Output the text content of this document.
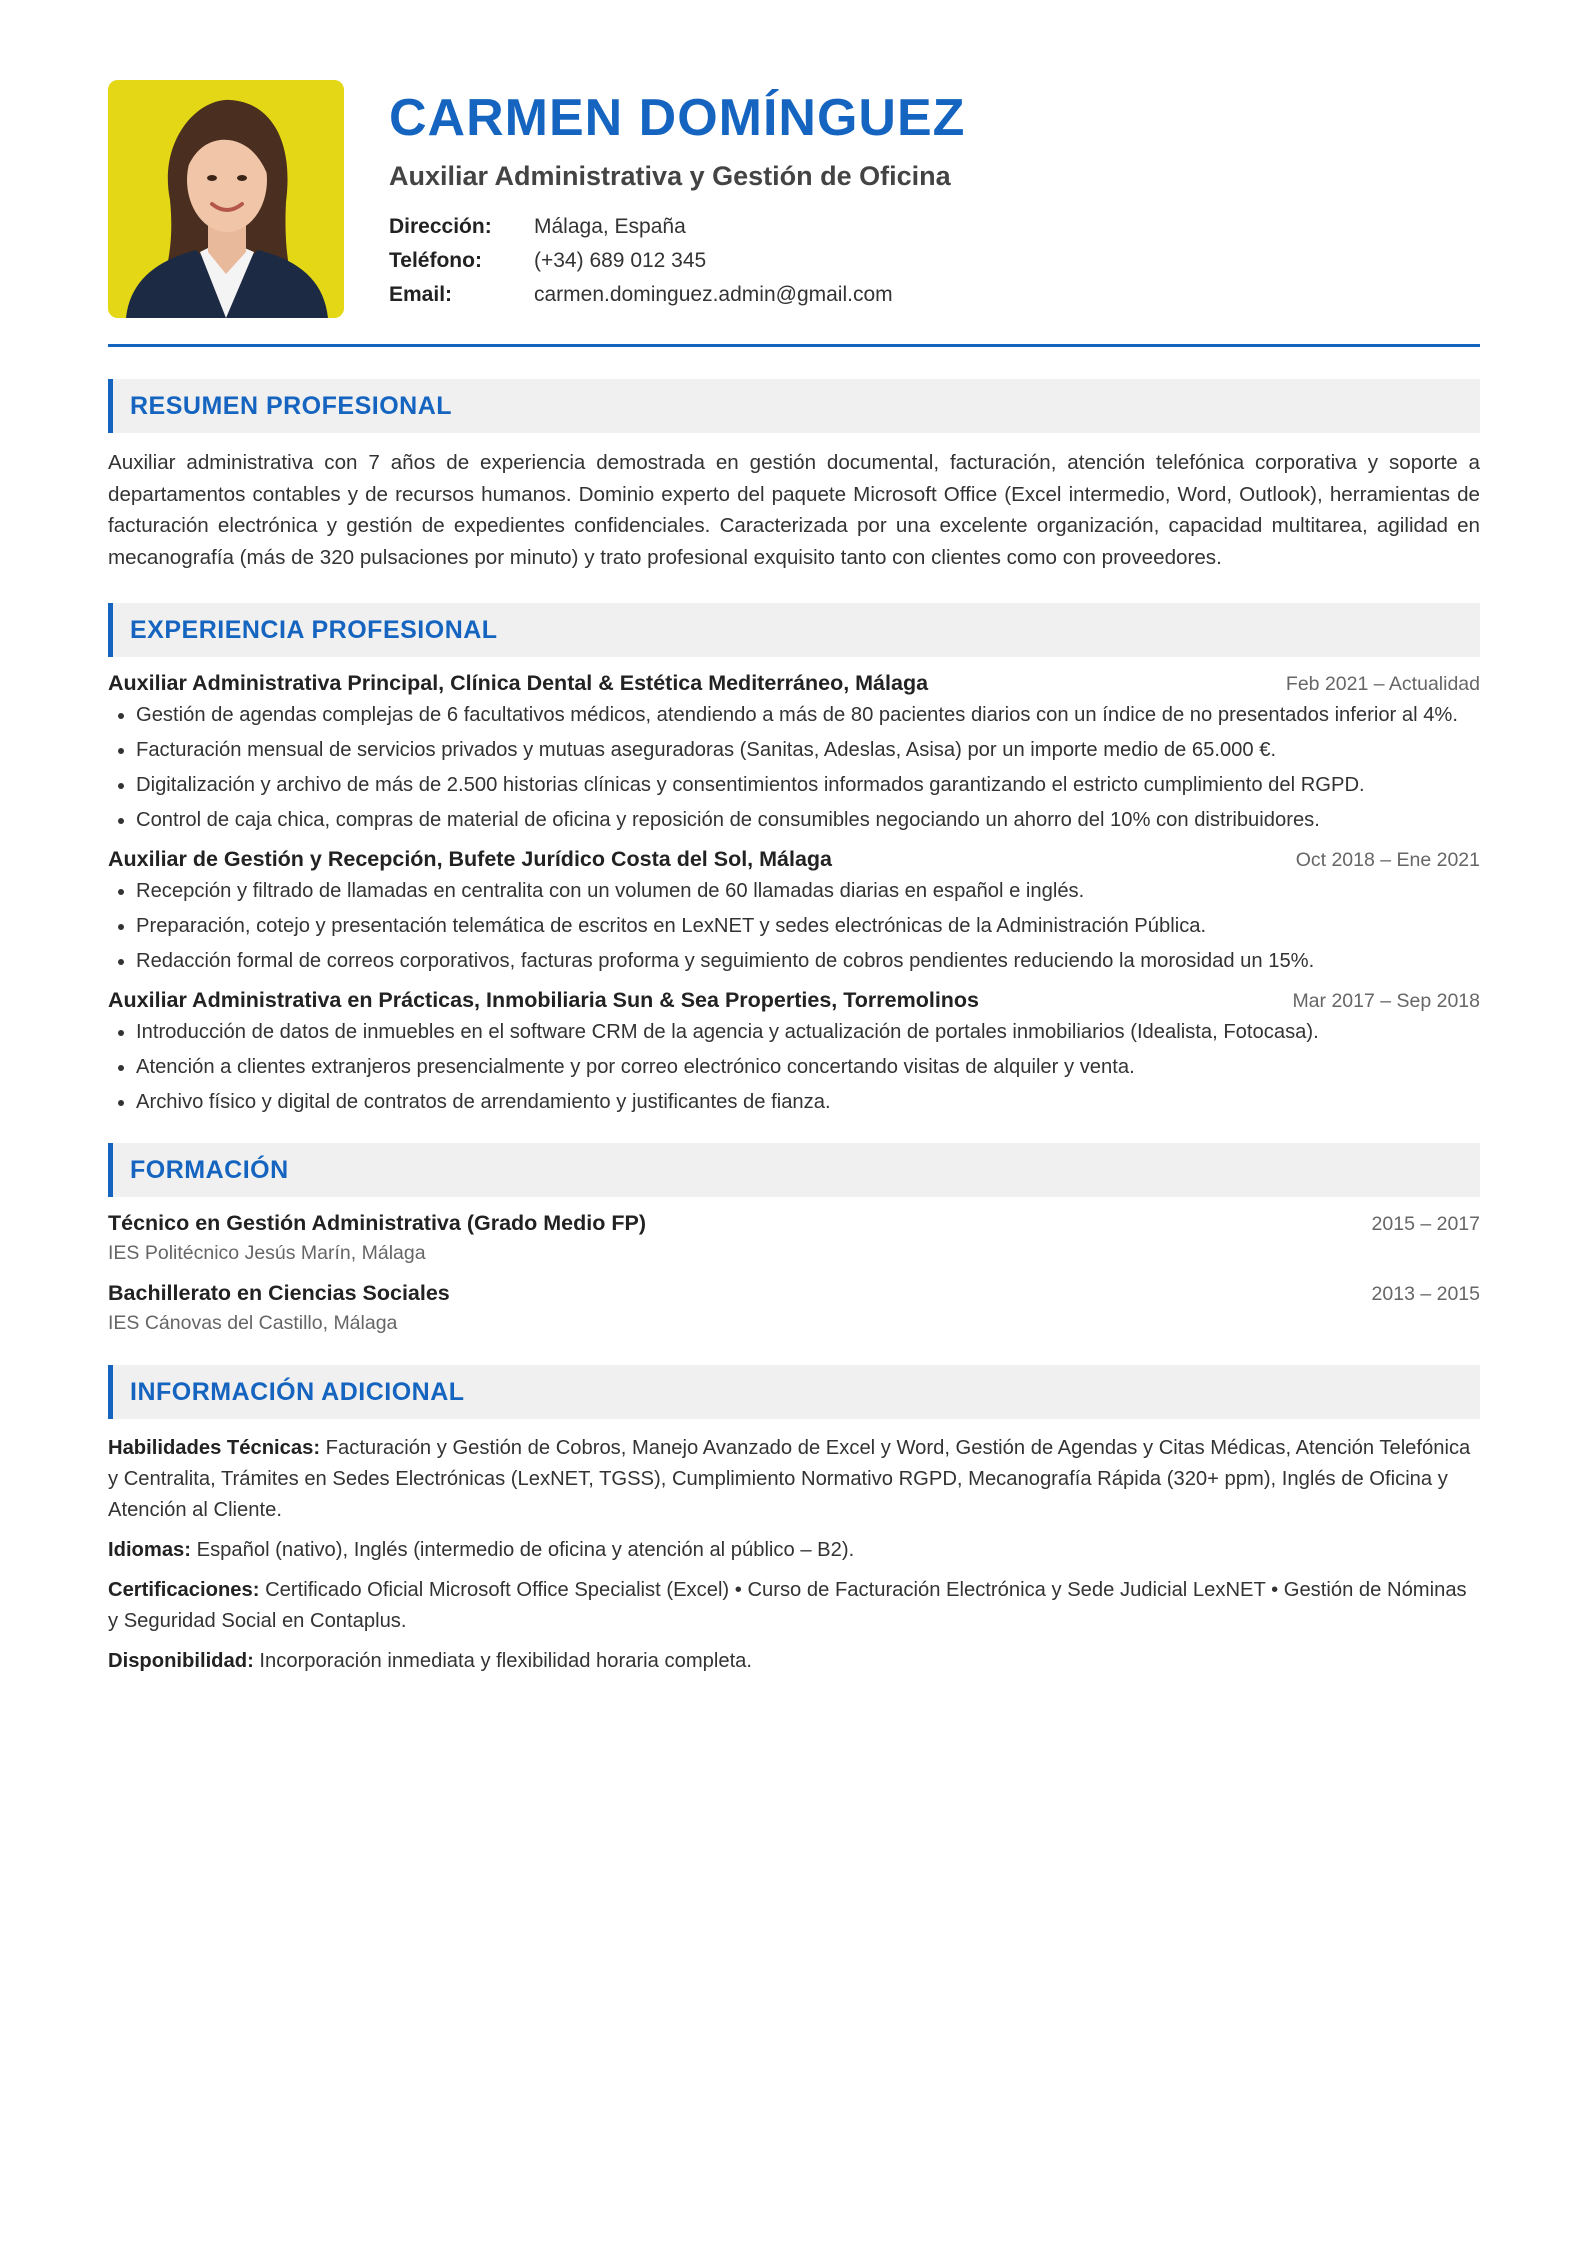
CARMEN DOMÍNGUEZ
Auxiliar Administrativa y Gestión de Oficina
Dirección:	Málaga, España
Teléfono:	(+34) 689 012 345
Email:	carmen.dominguez.admin@gmail.com
RESUMEN PROFESIONAL
Auxiliar administrativa con 7 años de experiencia demostrada en gestión documental, facturación, atención telefónica corporativa y soporte a departamentos contables y de recursos humanos. Dominio experto del paquete Microsoft Office (Excel intermedio, Word, Outlook), herramientas de facturación electrónica y gestión de expedientes confidenciales. Caracterizada por una excelente organización, capacidad multitarea, agilidad en mecanografía (más de 320 pulsaciones por minuto) y trato profesional exquisito tanto con clientes como con proveedores.
EXPERIENCIA PROFESIONAL
Auxiliar Administrativa Principal, Clínica Dental & Estética Mediterráneo, Málaga	Feb 2021 – Actualidad
• Gestión de agendas complejas de 6 facultativos médicos, atendiendo a más de 80 pacientes diarios con un índice de no presentados inferior al 4%.
• Facturación mensual de servicios privados y mutuas aseguradoras (Sanitas, Adeslas, Asisa) por un importe medio de 65.000 €.
• Digitalización y archivo de más de 2.500 historias clínicas y consentimientos informados garantizando el estricto cumplimiento del RGPD.
• Control de caja chica, compras de material de oficina y reposición de consumibles negociando un ahorro del 10% con distribuidores.
Auxiliar de Gestión y Recepción, Bufete Jurídico Costa del Sol, Málaga	Oct 2018 – Ene 2021
• Recepción y filtrado de llamadas en centralita con un volumen de 60 llamadas diarias en español e inglés.
• Preparación, cotejo y presentación telemática de escritos en LexNET y sedes electrónicas de la Administración Pública.
• Redacción formal de correos corporativos, facturas proforma y seguimiento de cobros pendientes reduciendo la morosidad un 15%.
Auxiliar Administrativa en Prácticas, Inmobiliaria Sun & Sea Properties, Torremolinos	Mar 2017 – Sep 2018
• Introducción de datos de inmuebles en el software CRM de la agencia y actualización de portales inmobiliarios (Idealista, Fotocasa).
• Atención a clientes extranjeros presencialmente y por correo electrónico concertando visitas de alquiler y venta.
• Archivo físico y digital de contratos de arrendamiento y justificantes de fianza.
FORMACIÓN
Técnico en Gestión Administrativa (Grado Medio FP)	2015 – 2017
IES Politécnico Jesús Marín, Málaga
Bachillerato en Ciencias Sociales	2013 – 2015
IES Cánovas del Castillo, Málaga
INFORMACIÓN ADICIONAL

Habilidades Técnicas: Facturación y Gestión de Cobros, Manejo Avanzado de Excel y Word, Gestión de Agendas y Citas Médicas, Atención Telefónica y Centralita, Trámites en Sedes Electrónicas (LexNET, TGSS), Cumplimiento Normativo RGPD, Mecanografía Rápida (320+ ppm), Inglés de Oficina y Atención al Cliente.

Idiomas: Español (nativo), Inglés (intermedio de oficina y atención al público – B2).

Certificaciones: Certificado Oficial Microsoft Office Specialist (Excel) • Curso de Facturación Electrónica y Sede Judicial LexNET • Gestión de Nóminas y Seguridad Social en Contaplus.

Disponibilidad: Incorporación inmediata y flexibilidad horaria completa.
